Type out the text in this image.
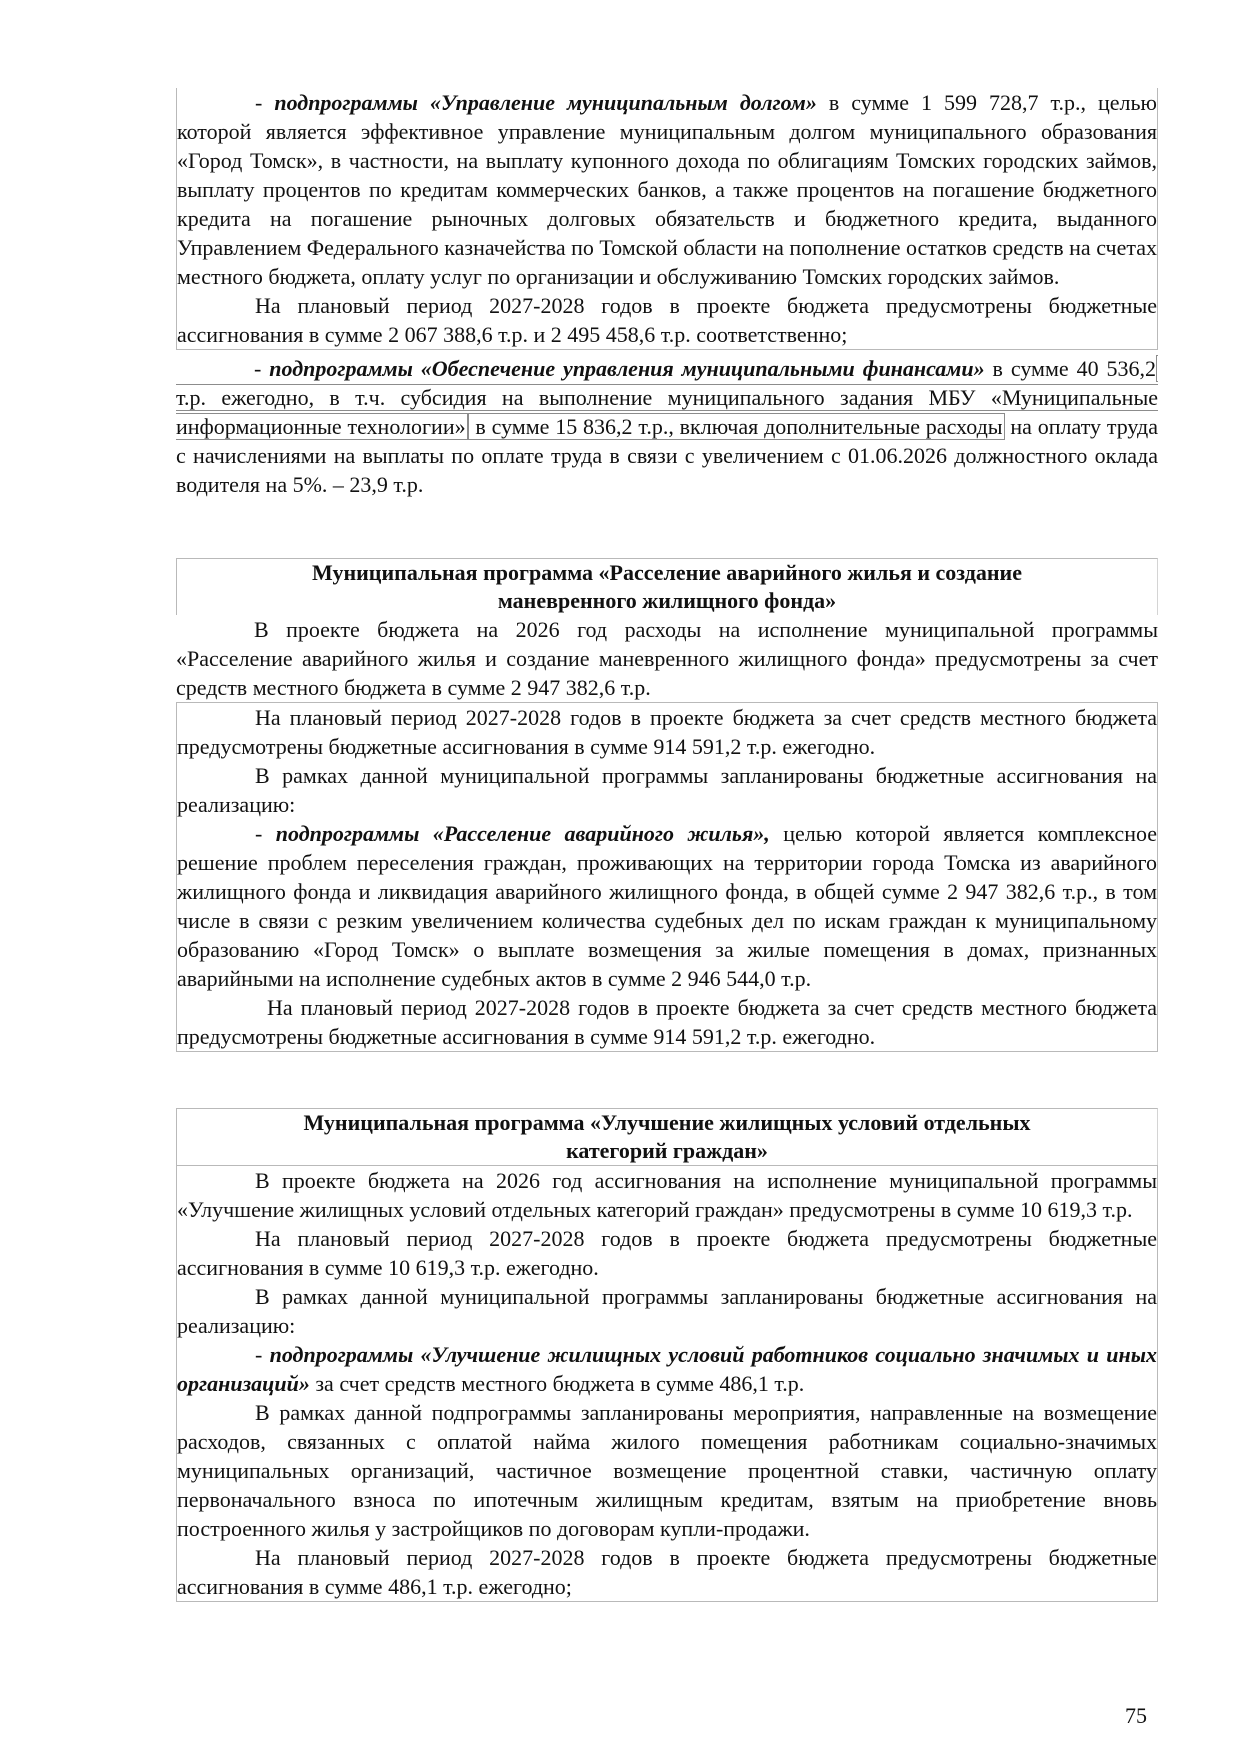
- подпрограммы «Управление муниципальным долгом» в сумме 1 599 728,7 т.р., целью которой является эффективное управление муниципальным долгом муниципального образования «Город Томск», в частности, на выплату купонного дохода по облигациям Томских городских займов, выплату процентов по кредитам коммерческих банков, а также процентов на погашение бюджетного кредита на погашение рыночных долговых обязательств и бюджетного кредита, выданного Управлением Федерального казначейства по Томской области на пополнение остатков средств на счетах местного бюджета, оплату услуг по организации и обслуживанию Томских городских займов.

На плановый период 2027-2028 годов в проекте бюджета предусмотрены бюджетные ассигнования в сумме 2 067 388,6 т.р. и 2 495 458,6 т.р. соответственно;

- подпрограммы «Обеспечение управления муниципальными финансами» в сумме 40 536,2 т.р. ежегодно, в т.ч. субсидия на выполнение муниципального задания МБУ «Муниципальные информационные технологии» в сумме 15 836,2 т.р., включая дополнительные расходы на оплату труда с начислениями на выплаты по оплате труда в связи с увеличением с 01.06.2026 должностного оклада водителя на 5%. – 23,9 т.р.

Муниципальная программа «Расселение аварийного жилья и создание

маневренного жилищного фонда»

В проекте бюджета на 2026 год расходы на исполнение муниципальной программы «Расселение аварийного жилья и создание маневренного жилищного фонда» предусмотрены за счет средств местного бюджета в сумме 2 947 382,6 т.р.

На плановый период 2027-2028 годов в проекте бюджета за счет средств местного бюджета предусмотрены бюджетные ассигнования в сумме 914 591,2 т.р. ежегодно.

В рамках данной муниципальной программы запланированы бюджетные ассигнования на реализацию:

- подпрограммы «Расселение аварийного жилья», целью которой является комплексное решение проблем переселения граждан, проживающих на территории города Томска из аварийного жилищного фонда и ликвидация аварийного жилищного фонда, в общей сумме 2 947 382,6 т.р., в том числе в связи с резким увеличением количества судебных дел по искам граждан к муниципальному образованию «Город Томск» о выплате возмещения за жилые помещения в домах, признанных аварийными на исполнение судебных актов в сумме 2 946 544,0 т.р.

На плановый период 2027-2028 годов в проекте бюджета за счет средств местного бюджета предусмотрены бюджетные ассигнования в сумме 914 591,2 т.р. ежегодно.

Муниципальная программа «Улучшение жилищных условий отдельных

категорий граждан»

В проекте бюджета на 2026 год ассигнования на исполнение муниципальной программы «Улучшение жилищных условий отдельных категорий граждан» предусмотрены в сумме 10 619,3 т.р.

На плановый период 2027-2028 годов в проекте бюджета предусмотрены бюджетные ассигнования в сумме 10 619,3 т.р. ежегодно.

В рамках данной муниципальной программы запланированы бюджетные ассигнования на реализацию:

- подпрограммы «Улучшение жилищных условий работников социально значимых и иных организаций» за счет средств местного бюджета в сумме 486,1 т.р.

В рамках данной подпрограммы запланированы мероприятия, направленные на возмещение расходов, связанных с оплатой найма жилого помещения работникам социально-значимых муниципальных организаций, частичное возмещение процентной ставки, частичную оплату первоначального взноса по ипотечным жилищным кредитам, взятым на приобретение вновь построенного жилья у застройщиков по договорам купли-продажи.

На плановый период 2027-2028 годов в проекте бюджета предусмотрены бюджетные ассигнования в сумме 486,1 т.р. ежегодно;

75
